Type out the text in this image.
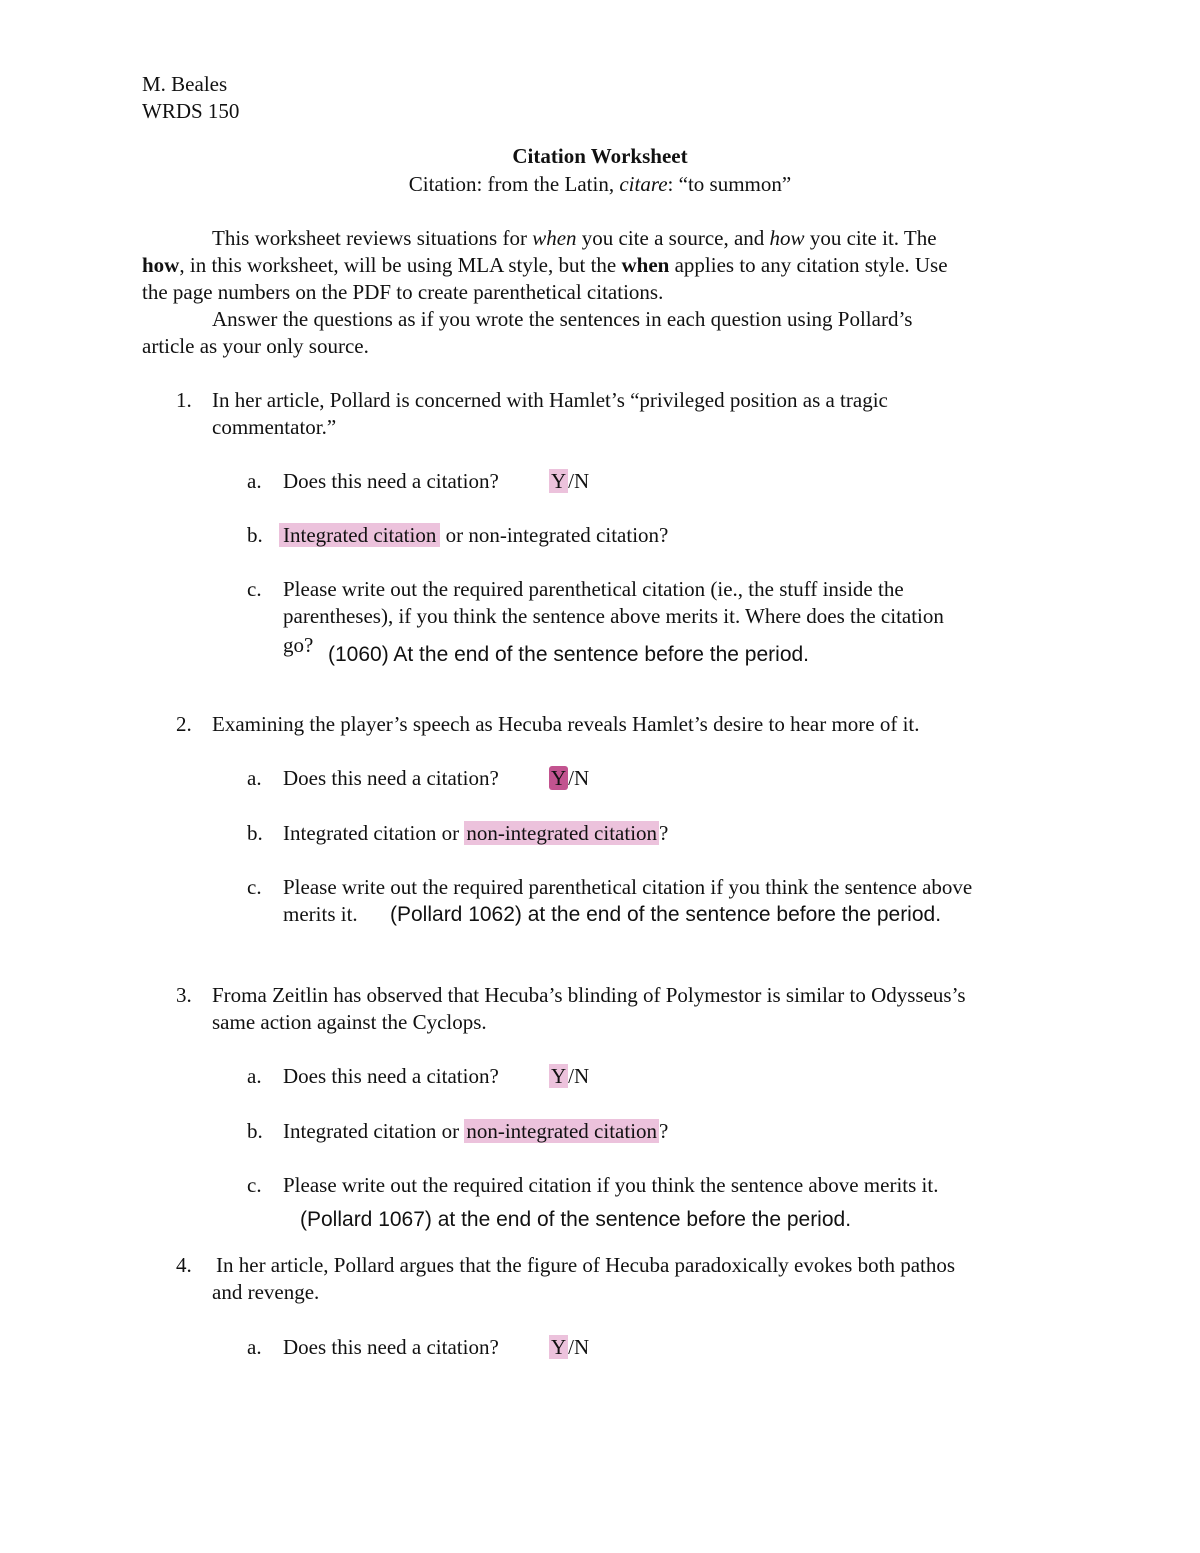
M. Beales
WRDS 150
Citation Worksheet
Citation: from the Latin, citare: “to summon”
This worksheet reviews situations for when you cite a source, and how you cite it. The
how, in this worksheet, will be using MLA style, but the when applies to any citation style. Use
the page numbers on the PDF to create parenthetical citations.
Answer the questions as if you wrote the sentences in each question using Pollard’s
article as your only source.
1. In her article, Pollard is concerned with Hamlet’s “privileged position as a tragic
commentator.”
a. Does this need a citation? Y/N
b. Integrated citation or non-integrated citation?
c. Please write out the required parenthetical citation (ie., the stuff inside the
parentheses), if you think the sentence above merits it. Where does the citation
go? (1060) At the end of the sentence before the period.
2. Examining the player’s speech as Hecuba reveals Hamlet’s desire to hear more of it.
a. Does this need a citation? Y/N
b. Integrated citation or non-integrated citation?
c. Please write out the required parenthetical citation if you think the sentence above
merits it. (Pollard 1062) at the end of the sentence before the period.
3. Froma Zeitlin has observed that Hecuba’s blinding of Polymestor is similar to Odysseus’s
same action against the Cyclops.
a. Does this need a citation? Y/N
b. Integrated citation or non-integrated citation?
c. Please write out the required citation if you think the sentence above merits it.
(Pollard 1067) at the end of the sentence before the period.
4. In her article, Pollard argues that the figure of Hecuba paradoxically evokes both pathos
and revenge.
a. Does this need a citation? Y/N
